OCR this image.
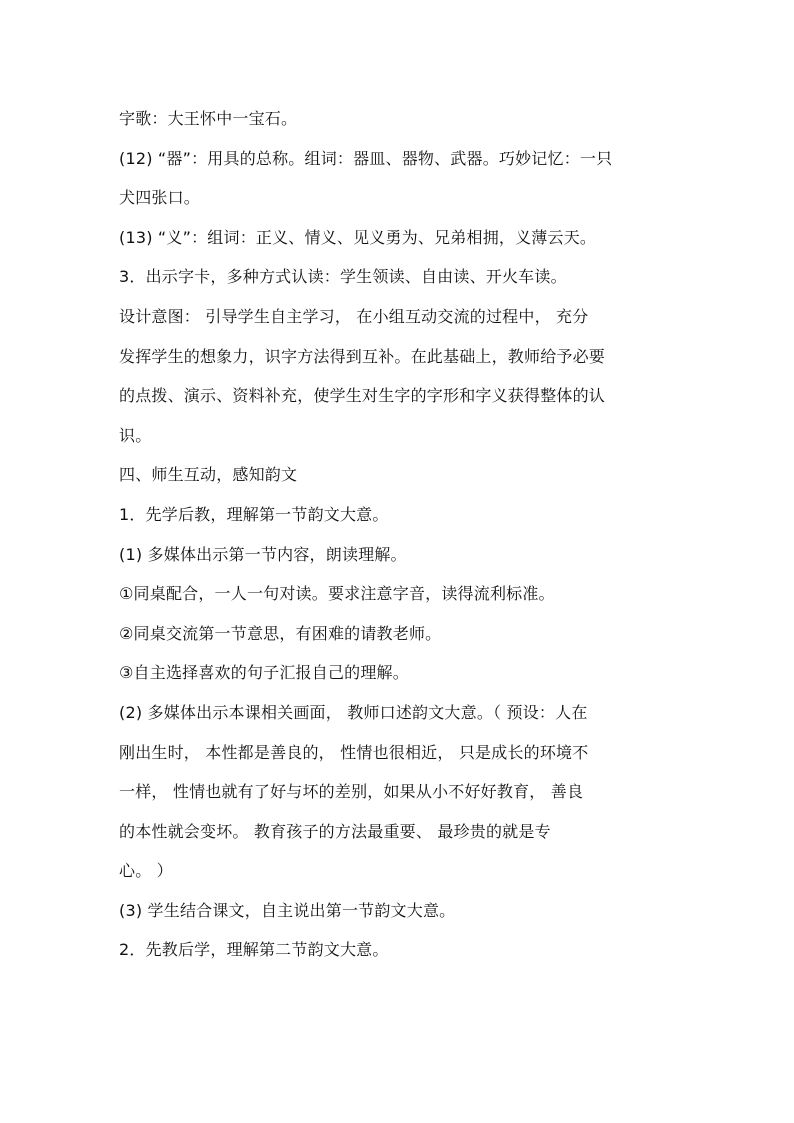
字歌：大王怀中一宝石。
(12) “器”：用具的总称。组词：器皿、器物、武器。巧妙记忆：一只
犬四张口。
(13) “义”：组词：正义、情义、见义勇为、兄弟相拥，义薄云天。
3．出示字卡，多种方式认读：学生领读、自由读、开火车读。
设计意图： 引导学生自主学习， 在小组互动交流的过程中， 充分
发挥学生的想象力，识字方法得到互补。在此基础上，教师给予必要
的点拨、演示、资料补充，使学生对生字的字形和字义获得整体的认
识。
四、师生互动，感知韵文
1．先学后教，理解第一节韵文大意。
(1) 多媒体出示第一节内容，朗读理解。
①同桌配合，一人一句对读。要求注意字音，读得流利标准。
②同桌交流第一节意思，有困难的请教老师。
③自主选择喜欢的句子汇报自己的理解。
(2) 多媒体出示本课相关画面， 教师口述韵文大意。（ 预设：人在
刚出生时， 本性都是善良的， 性情也很相近， 只是成长的环境不
一样， 性情也就有了好与坏的差别，如果从小不好好教育， 善良
的本性就会变坏。 教育孩子的方法最重要、 最珍贵的就是专
心。 ）
(3) 学生结合课文，自主说出第一节韵文大意。
2．先教后学，理解第二节韵文大意。
